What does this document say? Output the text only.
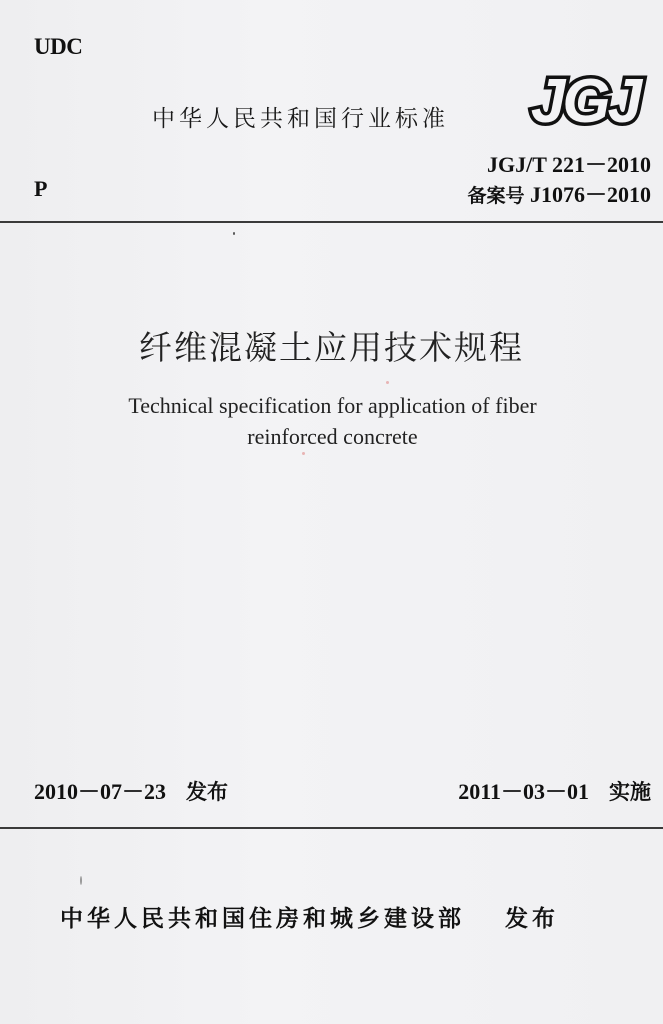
UDC
中华人民共和国行业标准 JGJ
JGJ/T 221－2010
备案号 J1076－2010
P
纤维混凝土应用技术规程
Technical specification for application of fiber
reinforced concrete
2010－07－23 发布	2011－03－01 实施
中华人民共和国住房和城乡建设部 发布
